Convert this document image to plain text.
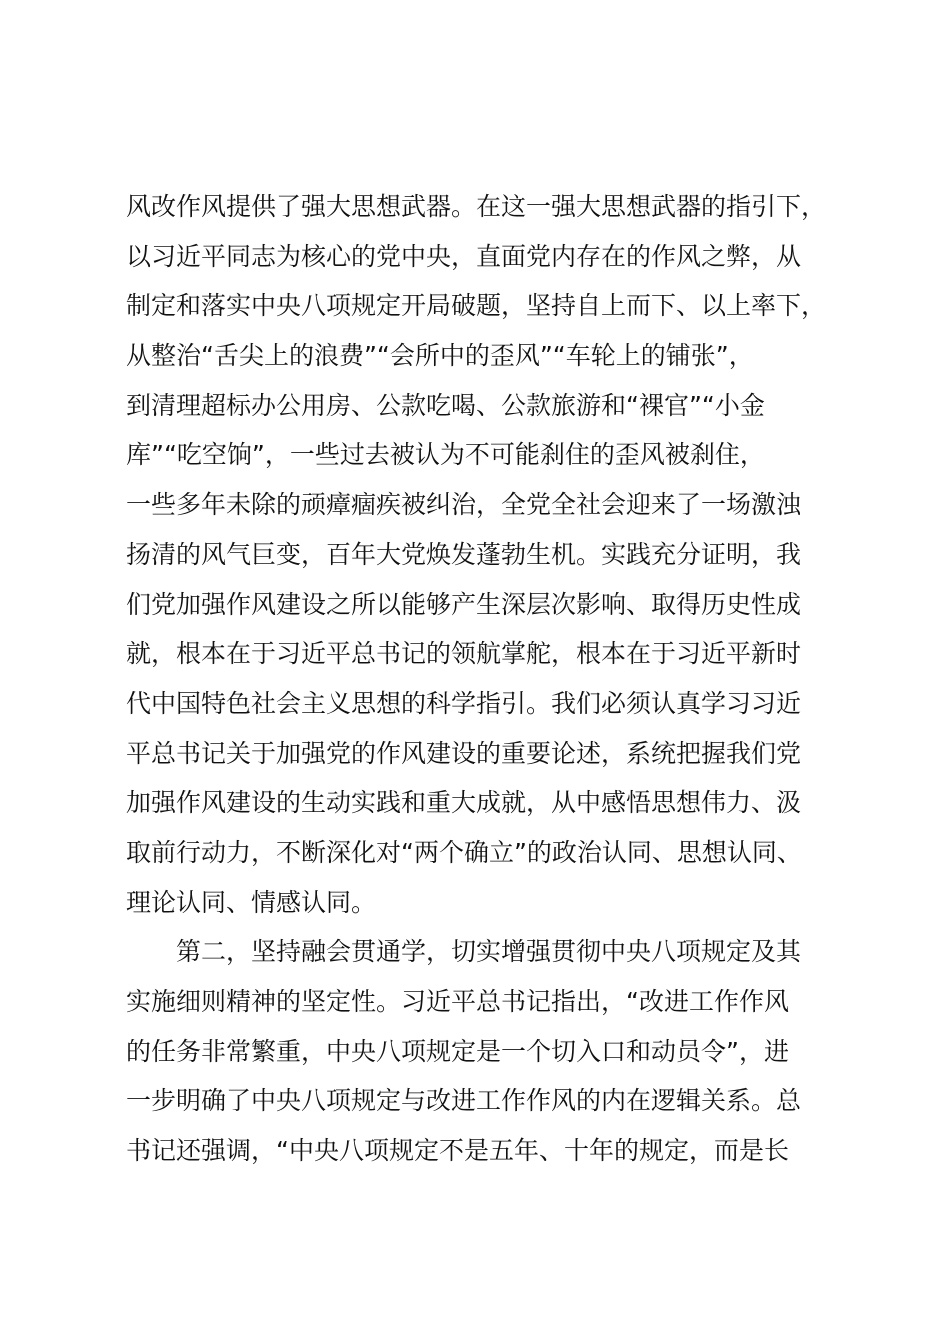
风改作风提供了强大思想武器。在这一强大思想武器的指引下，
以习近平同志为核心的党中央，直面党内存在的作风之弊，从
制定和落实中央八项规定开局破题，坚持自上而下、以上率下，
从整治“舌尖上的浪费”“会所中的歪风”“车轮上的铺张”，
到清理超标办公用房、公款吃喝、公款旅游和“裸官”“小金
库”“吃空饷”，一些过去被认为不可能刹住的歪风被刹住，
一些多年未除的顽瘴痼疾被纠治，全党全社会迎来了一场激浊
扬清的风气巨变，百年大党焕发蓬勃生机。实践充分证明，我
们党加强作风建设之所以能够产生深层次影响、取得历史性成
就，根本在于习近平总书记的领航掌舵，根本在于习近平新时
代中国特色社会主义思想的科学指引。我们必须认真学习习近
平总书记关于加强党的作风建设的重要论述，系统把握我们党
加强作风建设的生动实践和重大成就，从中感悟思想伟力、汲
取前行动力，不断深化对“两个确立”的政治认同、思想认同、
理论认同、情感认同。
第二，坚持融会贯通学，切实增强贯彻中央八项规定及其
实施细则精神的坚定性。习近平总书记指出，“改进工作作风
的任务非常繁重，中央八项规定是一个切入口和动员令”，进
一步明确了中央八项规定与改进工作作风的内在逻辑关系。总
书记还强调，“中央八项规定不是五年、十年的规定，而是长
